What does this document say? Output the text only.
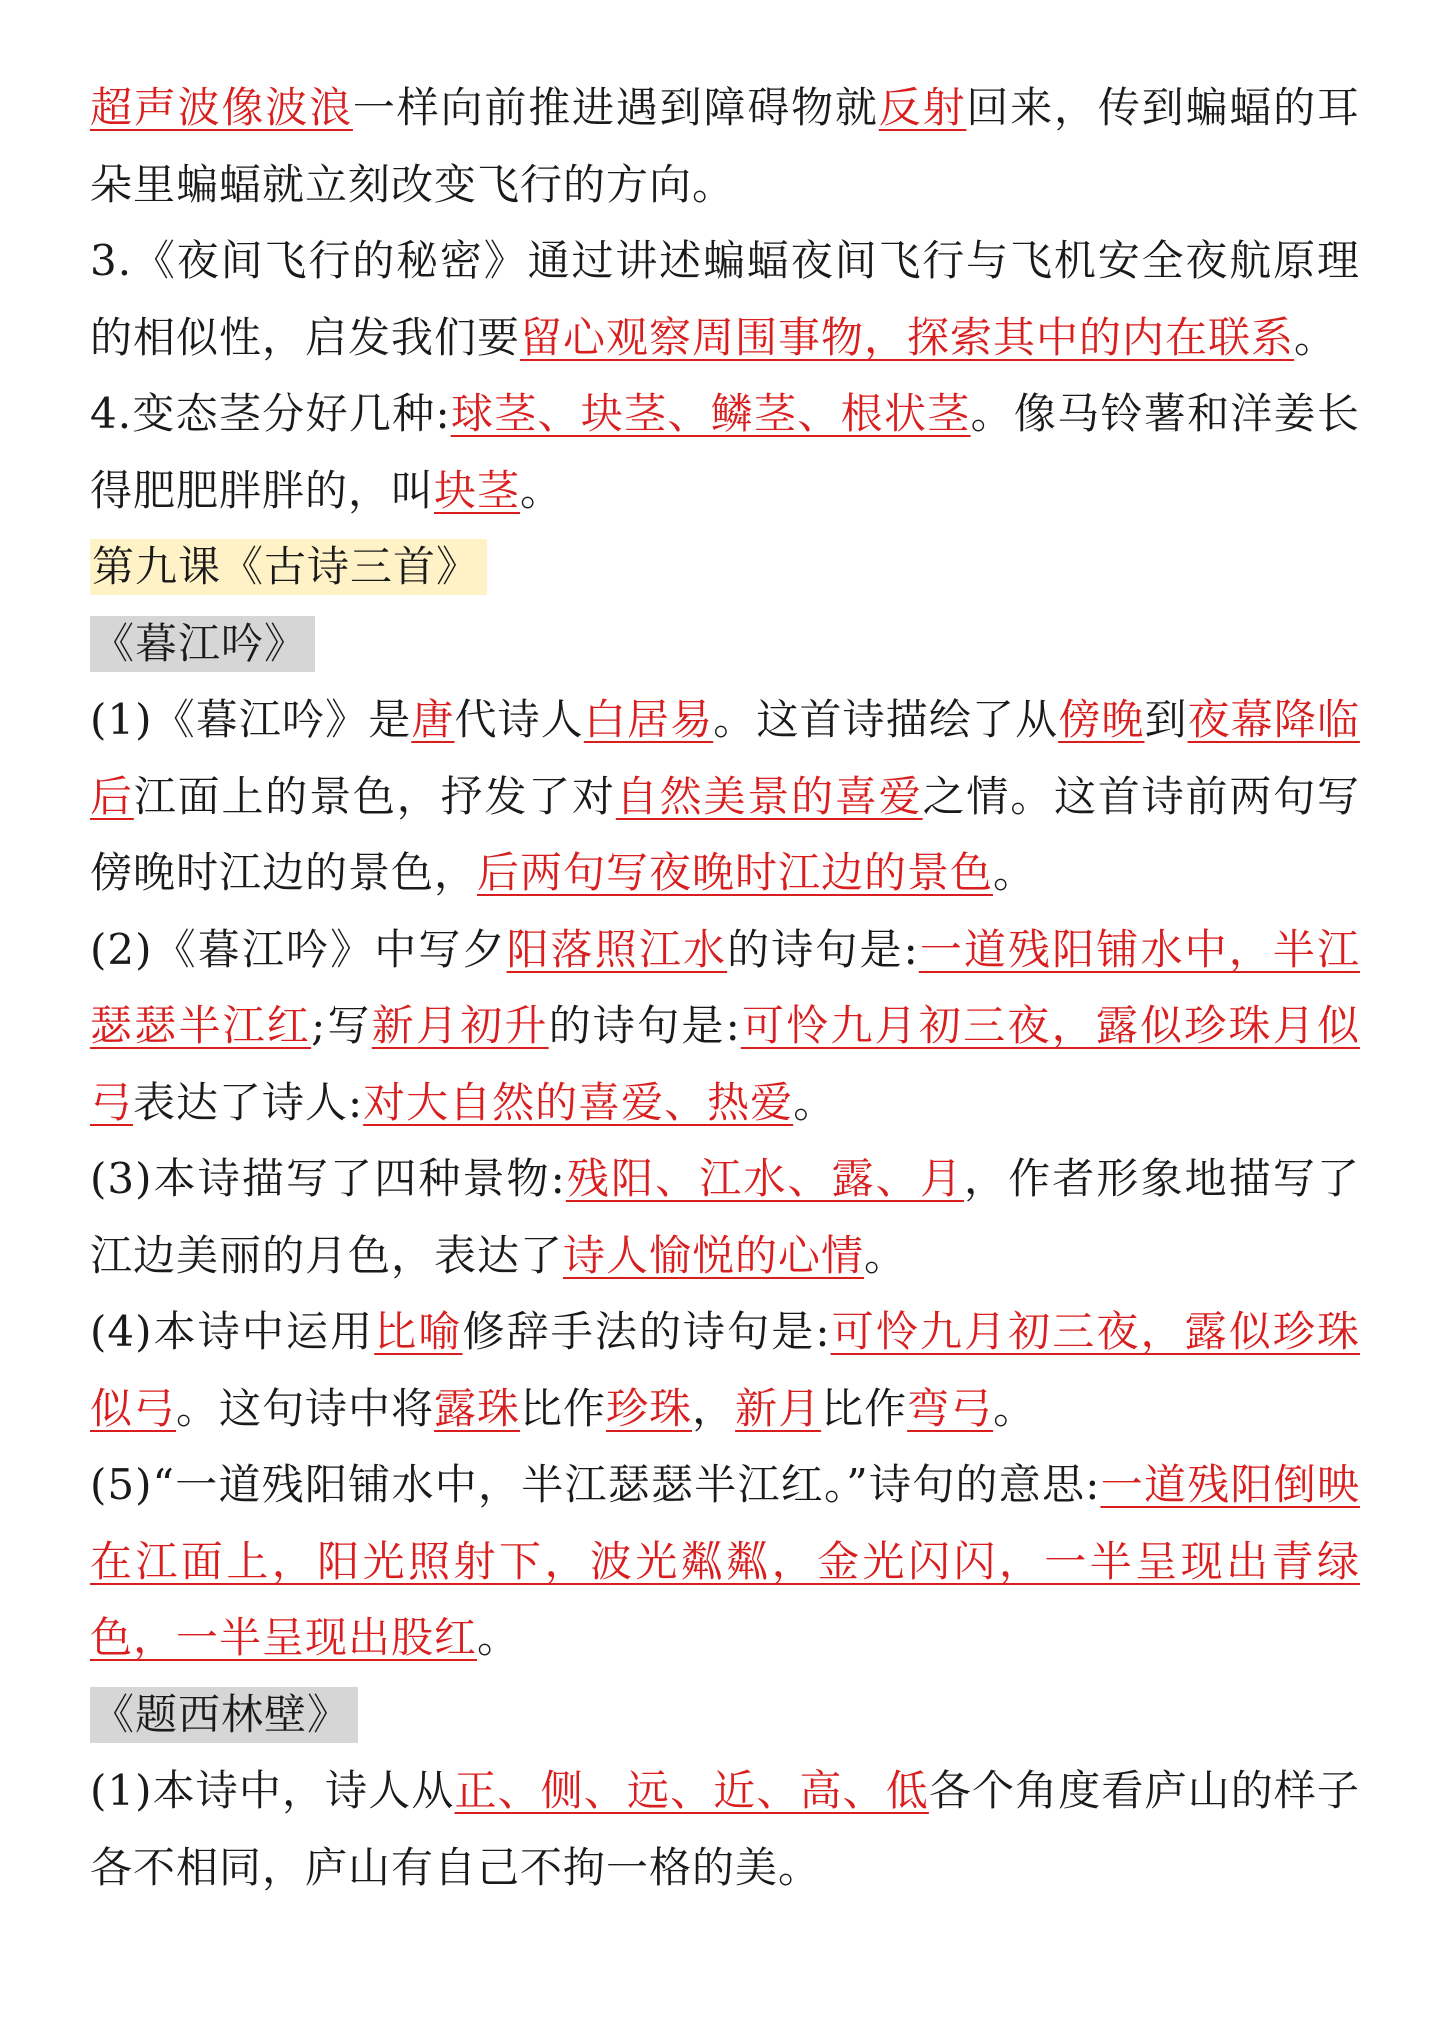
超声波像波浪一样向前推进遇到障碍物就反射回来，传到蝙蝠的耳朵里蝙蝠就立刻改变飞行的方向。

3.《夜间飞行的秘密》通过讲述蝙蝠夜间飞行与飞机安全夜航原理的相似性，启发我们要留心观察周围事物，探索其中的内在联系。

4.变态茎分好几种:球茎、块茎、鳞茎、根状茎。像马铃薯和洋姜长得肥肥胖胖的，叫块茎。

第九课《古诗三首》
《暮江吟》

(1)《暮江吟》是唐代诗人白居易。这首诗描绘了从傍晚到夜幕降临后江面上的景色，抒发了对自然美景的喜爱之情。这首诗前两句写傍晚时江边的景色，后两句写夜晚时江边的景色。

(2)《暮江吟》中写夕阳落照江水的诗句是:一道残阳铺水中，半江瑟瑟半江红;写新月初升的诗句是:可怜九月初三夜，露似珍珠月似弓表达了诗人:对大自然的喜爱、热爱。

(3)本诗描写了四种景物:残阳、江水、露、月，作者形象地描写了江边美丽的月色，表达了诗人愉悦的心情。

(4)本诗中运用比喻修辞手法的诗句是:可怜九月初三夜，露似珍珠似弓。这句诗中将露珠比作珍珠，新月比作弯弓。

(5)“一道残阳铺水中，半江瑟瑟半江红。”诗句的意思:一道残阳倒映在江面上，阳光照射下，波光粼粼，金光闪闪，一半呈现出青绿色，一半呈现出股红。

《题西林壁》

(1)本诗中，诗人从正、侧、远、近、高、低各个角度看庐山的样子各不相同，庐山有自己不拘一格的美。
